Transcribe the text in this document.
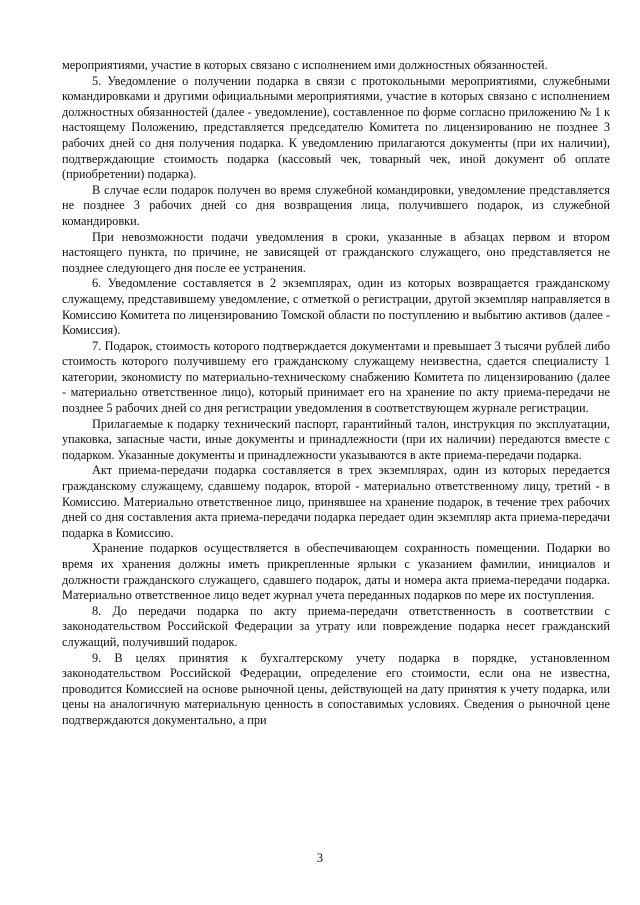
мероприятиями, участие в которых связано с исполнением ими должностных обязанностей.

5. Уведомление о получении подарка в связи с протокольными мероприятиями, служебными командировками и другими официальными мероприятиями, участие в которых связано с исполнением должностных обязанностей (далее - уведомление), составленное по форме согласно приложению № 1 к настоящему Положению, представляется председателю Комитета по лицензированию не позднее 3 рабочих дней со дня получения подарка. К уведомлению прилагаются документы (при их наличии), подтверждающие стоимость подарка (кассовый чек, товарный чек, иной документ об оплате (приобретении) подарка).

В случае если подарок получен во время служебной командировки, уведомление представляется не позднее 3 рабочих дней со дня возвращения лица, получившего подарок, из служебной командировки.

При невозможности подачи уведомления в сроки, указанные в абзацах первом и втором настоящего пункта, по причине, не зависящей от гражданского служащего, оно представляется не позднее следующего дня после ее устранения.

6. Уведомление составляется в 2 экземплярах, один из которых возвращается гражданскому служащему, представившему уведомление, с отметкой о регистрации, другой экземпляр направляется в Комиссию Комитета по лицензированию Томской области по поступлению и выбытию активов (далее - Комиссия).

7. Подарок, стоимость которого подтверждается документами и превышает 3 тысячи рублей либо стоимость которого получившему его гражданскому служащему неизвестна, сдается специалисту 1 категории, экономисту по материально-техническому снабжению Комитета по лицензированию (далее - материально ответственное лицо), который принимает его на хранение по акту приема-передачи не позднее 5 рабочих дней со дня регистрации уведомления в соответствующем журнале регистрации.

Прилагаемые к подарку технический паспорт, гарантийный талон, инструкция по эксплуатации, упаковка, запасные части, иные документы и принадлежности (при их наличии) передаются вместе с подарком. Указанные документы и принадлежности указываются в акте приема-передачи подарка.

Акт приема-передачи подарка составляется в трех экземплярах, один из которых передается гражданскому служащему, сдавшему подарок, второй - материально ответственному лицу, третий - в Комиссию. Материально ответственное лицо, принявшее на хранение подарок, в течение трех рабочих дней со дня составления акта приема-передачи подарка передает один экземпляр акта приема-передачи подарка в Комиссию.

Хранение подарков осуществляется в обеспечивающем сохранность помещении. Подарки во время их хранения должны иметь прикрепленные ярлыки с указанием фамилии, инициалов и должности гражданского служащего, сдавшего подарок, даты и номера акта приема-передачи подарка. Материально ответственное лицо ведет журнал учета переданных подарков по мере их поступления.

8. До передачи подарка по акту приема-передачи ответственность в соответствии с законодательством Российской Федерации за утрату или повреждение подарка несет гражданский служащий, получивший подарок.

9. В целях принятия к бухгалтерскому учету подарка в порядке, установленном законодательством Российской Федерации, определение его стоимости, если она не известна, проводится Комиссией на основе рыночной цены, действующей на дату принятия к учету подарка, или цены на аналогичную материальную ценность в сопоставимых условиях. Сведения о рыночной цене подтверждаются документально, а при

3
